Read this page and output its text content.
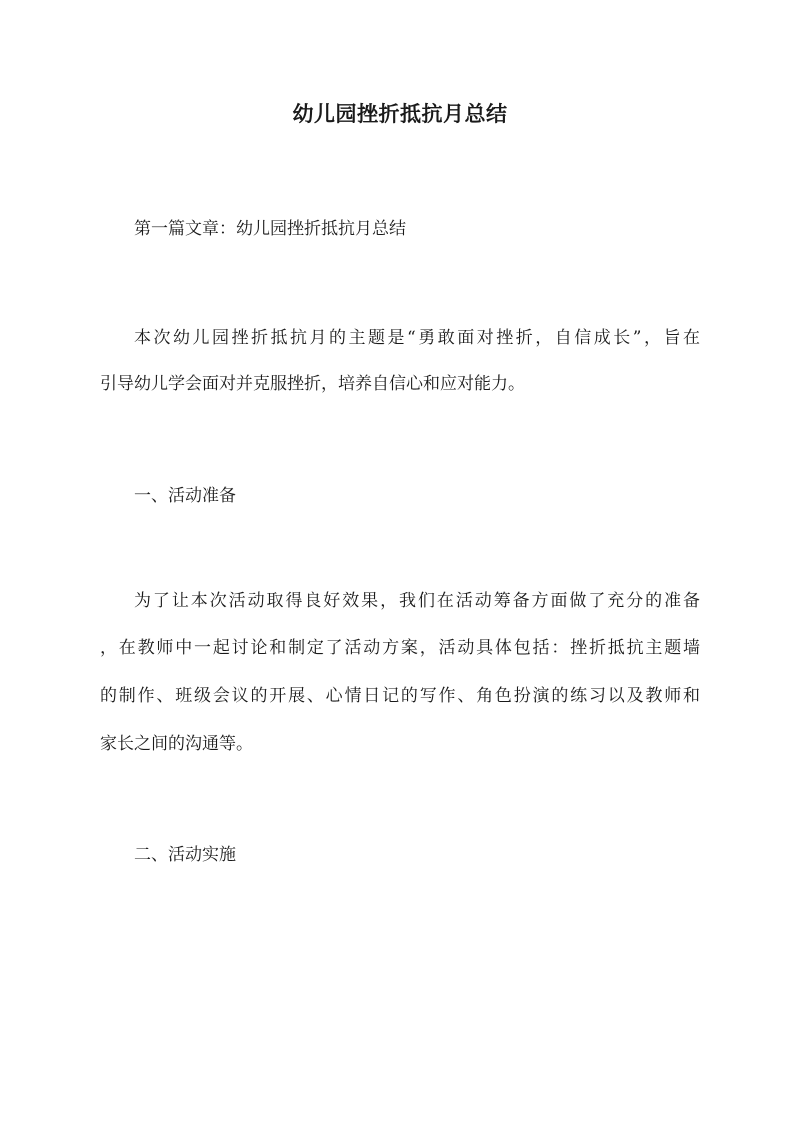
幼儿园挫折抵抗月总结

第一篇文章：幼儿园挫折抵抗月总结

本次幼儿园挫折抵抗月的主题是“勇敢面对挫折，自信成长”，旨在

引导幼儿学会面对并克服挫折，培养自信心和应对能力。

一、活动准备

为了让本次活动取得良好效果，我们在活动筹备方面做了充分的准备

，在教师中一起讨论和制定了活动方案，活动具体包括：挫折抵抗主题墙

的制作、班级会议的开展、心情日记的写作、角色扮演的练习以及教师和

家长之间的沟通等。

二、活动实施
